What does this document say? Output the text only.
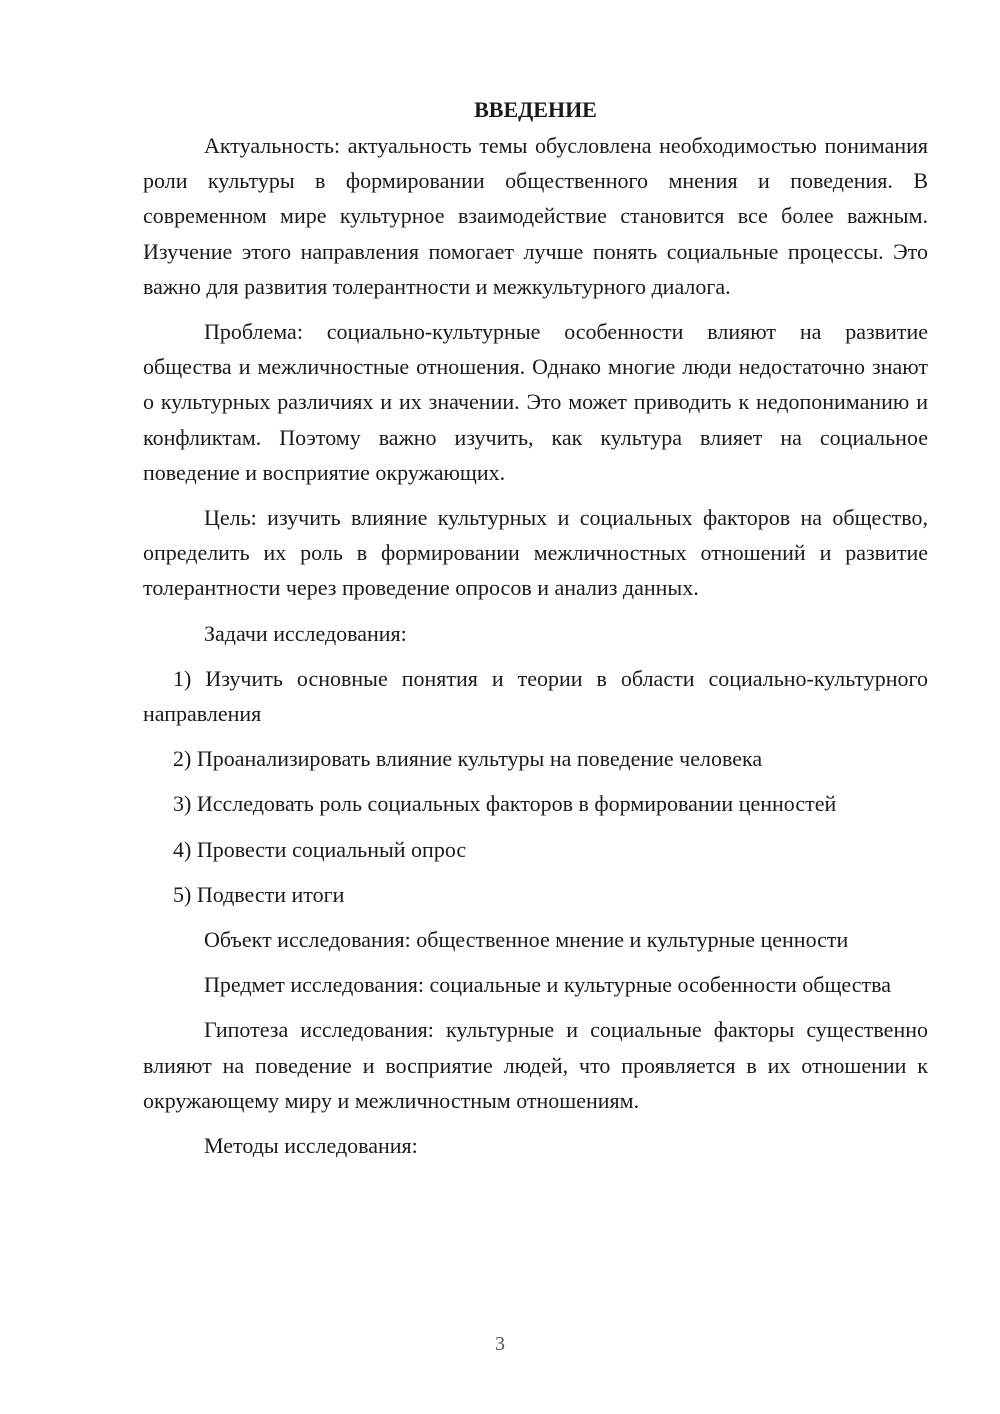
ВВЕДЕНИЕ

Актуальность: актуальность темы обусловлена необходимостью понимания роли культуры в формировании общественного мнения и поведения. В современном мире культурное взаимодействие становится все более важным. Изучение этого направления помогает лучше понять социальные процессы. Это важно для развития толерантности и межкультурного диалога.

Проблема: социально-культурные особенности влияют на развитие общества и межличностные отношения. Однако многие люди недостаточно знают о культурных различиях и их значении. Это может приводить к недопониманию и конфликтам. Поэтому важно изучить, как культура влияет на социальное поведение и восприятие окружающих.

Цель: изучить влияние культурных и социальных факторов на общество, определить их роль в формировании межличностных отношений и развитие толерантности через проведение опросов и анализ данных.

Задачи исследования:

1) Изучить основные понятия и теории в области социально-культурного направления

2) Проанализировать влияние культуры на поведение человека

3) Исследовать роль социальных факторов в формировании ценностей

4) Провести социальный опрос

5) Подвести итоги

Объект исследования: общественное мнение и культурные ценности

Предмет исследования: социальные и культурные особенности общества

Гипотеза исследования: культурные и социальные факторы существенно влияют на поведение и восприятие людей, что проявляется в их отношении к окружающему миру и межличностным отношениям.

Методы исследования:

3
